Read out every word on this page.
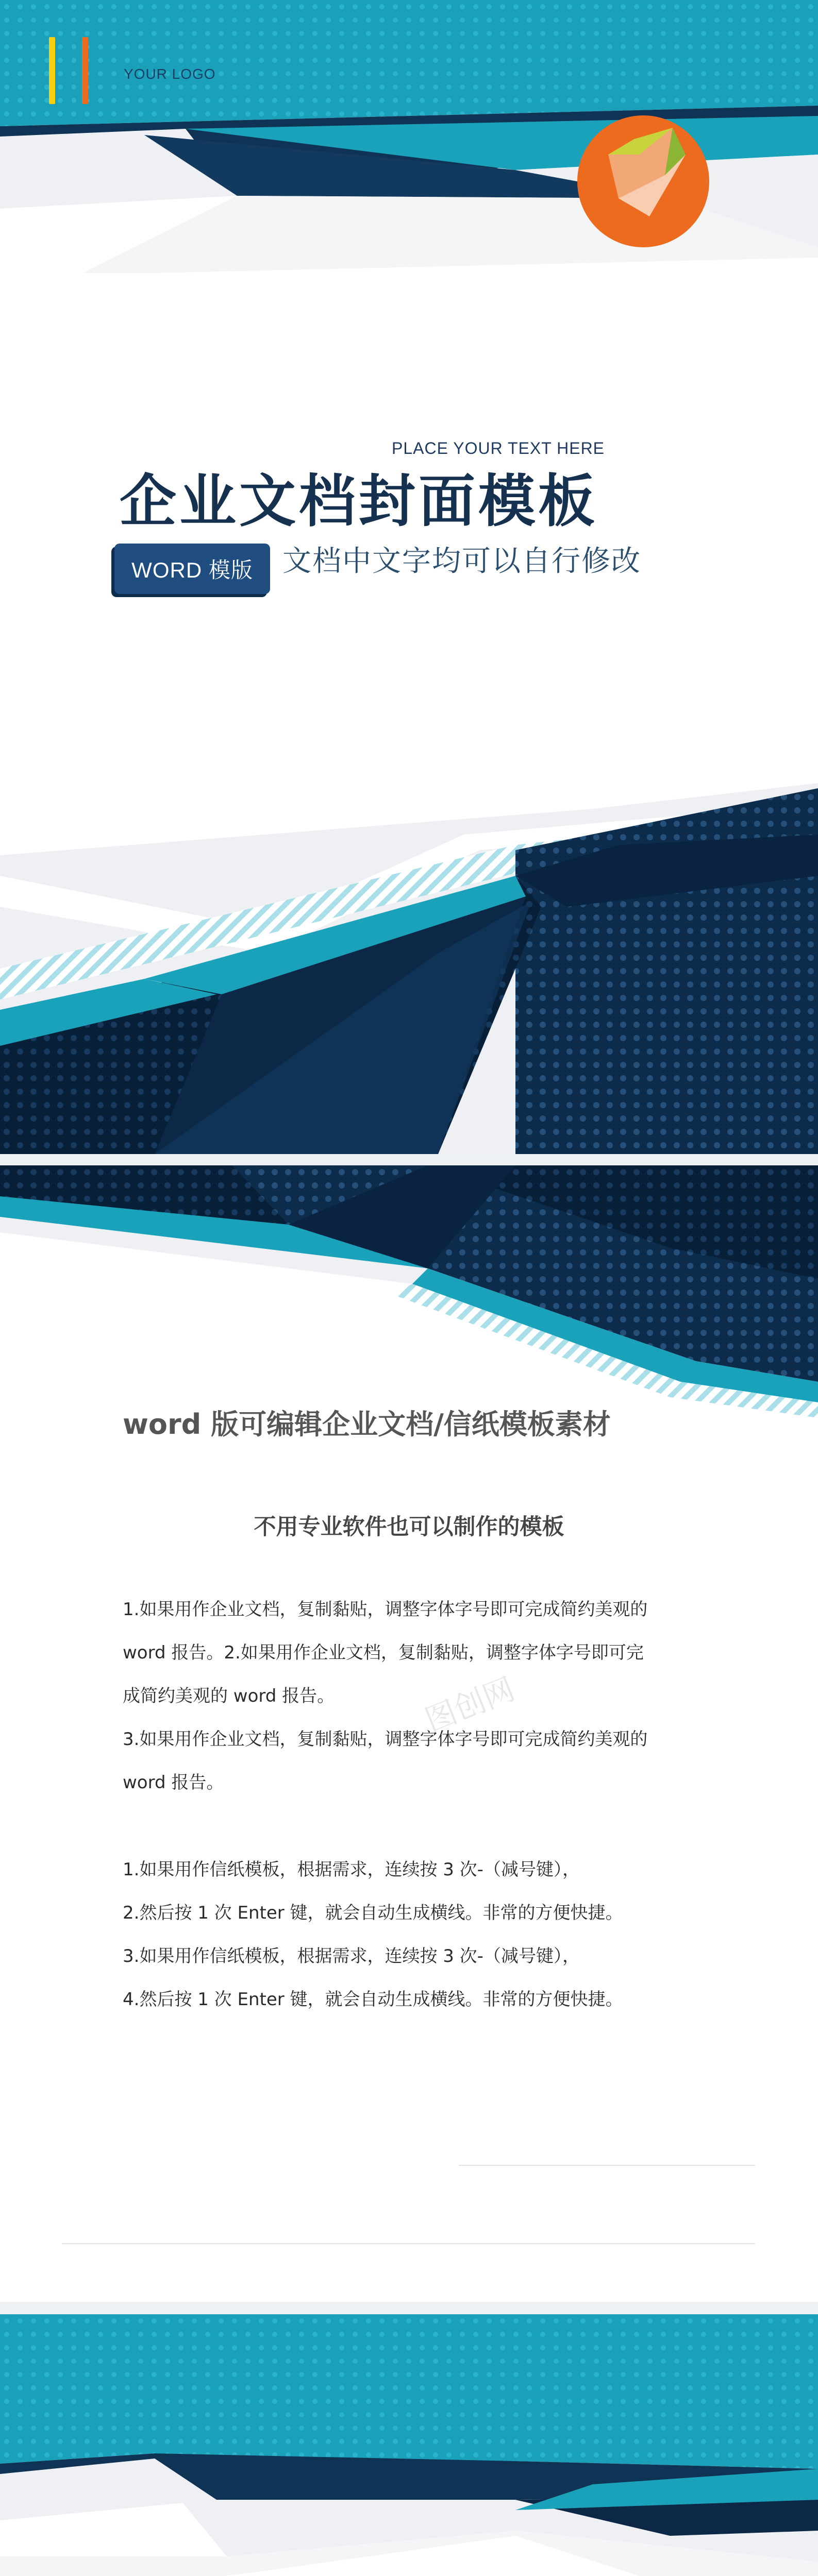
YOUR LOGO
PLACE YOUR TEXT HERE
企业文档封面模板
WORD 模版	文档中文字均可以自行修改
word 版可编辑企业文档/信纸模板素材
不用专业软件也可以制作的模板

1.如果用作企业文档，复制黏贴，调整字体字号即可完成简约美观的

word 报告。2.如果用作企业文档，复制黏贴，调整字体字号即可完

成简约美观的 word 报告。

3.如果用作企业文档，复制黏贴，调整字体字号即可完成简约美观的

word 报告。

图创网

1.如果用作信纸模板，根据需求，连续按 3 次-（减号键），

2.然后按 1 次 Enter 键，就会自动生成横线。非常的方便快捷。

3.如果用作信纸模板，根据需求，连续按 3 次-（减号键），

4.然后按 1 次 Enter 键，就会自动生成横线。非常的方便快捷。
